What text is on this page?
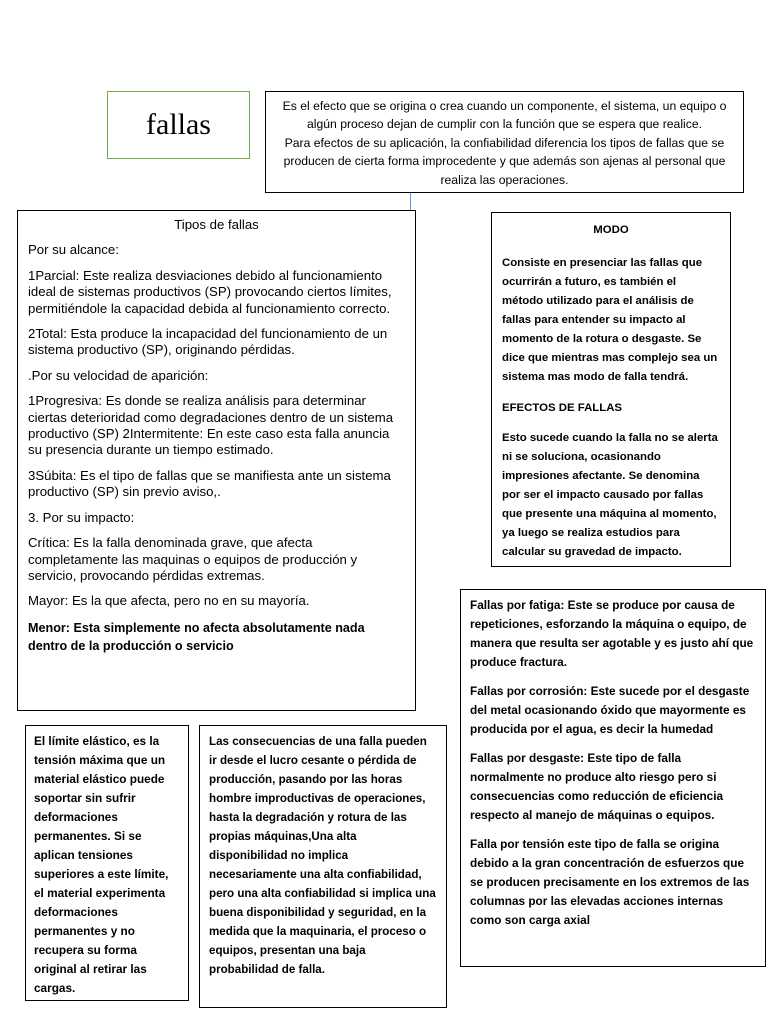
fallas
Es el efecto que se origina o crea cuando un componente, el sistema, un equipo o algún proceso dejan de cumplir con la función que se espera que realice.
Para efectos de su aplicación, la confiabilidad diferencia los tipos de fallas que se producen de cierta forma improcedente y que además son ajenas al personal que realiza las operaciones.

Tipos de fallas

Por su alcance:

1Parcial: Este realiza desviaciones debido al funcionamiento ideal de sistemas productivos (SP) provocando ciertos límites, permitiéndole la capacidad debida al funcionamiento correcto.

2Total: Esta produce la incapacidad del funcionamiento de un sistema productivo (SP), originando pérdidas.

.Por su velocidad de aparición:

1Progresiva: Es donde se realiza análisis para determinar ciertas deterioridad como degradaciones dentro de un sistema productivo (SP) 2Intermitente: En este caso esta falla anuncia su presencia durante un tiempo estimado.

3Súbita: Es el tipo de fallas que se manifiesta ante un sistema productivo (SP) sin previo aviso,.

3. Por su impacto:

Crítica: Es la falla denominada grave, que afecta completamente las maquinas o equipos de producción y servicio, provocando pérdidas extremas.

Mayor: Es la que afecta, pero no en su mayoría.

Menor: Esta simplemente no afecta absolutamente nada dentro de la producción o servicio

MODO

Consiste en presenciar las fallas que ocurrirán a futuro, es también el método utilizado para el análisis de fallas para entender su impacto al momento de la rotura o desgaste. Se dice que mientras mas complejo sea un sistema mas modo de falla tendrá.

EFECTOS DE FALLAS

Esto sucede cuando la falla no se alerta ni se soluciona, ocasionando impresiones afectante. Se denomina por ser el impacto causado por fallas que presente una máquina al momento, ya luego se realiza estudios para calcular su gravedad de impacto.

Fallas por fatiga: Este se produce por causa de repeticiones, esforzando la máquina o equipo, de manera que resulta ser agotable y es justo ahí que produce fractura.

Fallas por corrosión: Este sucede por el desgaste del metal ocasionando óxido que mayormente es producida por el agua, es decir la humedad

Fallas por desgaste: Este tipo de falla normalmente no produce alto riesgo pero si consecuencias como reducción de eficiencia respecto al manejo de máquinas o equipos.

Falla por tensión este tipo de falla se origina debido a la gran concentración de esfuerzos que se producen precisamente en los extremos de las columnas por las elevadas acciones internas como son carga axial

El límite elástico, es la tensión máxima que un material elástico puede soportar sin sufrir deformaciones permanentes. Si se aplican tensiones superiores a este límite, el material experimenta deformaciones permanentes y no recupera su forma original al retirar las cargas.
Las consecuencias de una falla pueden ir desde el lucro cesante o pérdida de producción, pasando por las horas hombre improductivas de operaciones, hasta la degradación y rotura de las propias máquinas,Una alta disponibilidad no implica necesariamente una alta confiabilidad, pero una alta confiabilidad si implica una buena disponibilidad y seguridad, en la medida que la maquinaria, el proceso o equipos, presentan una baja probabilidad de falla.
